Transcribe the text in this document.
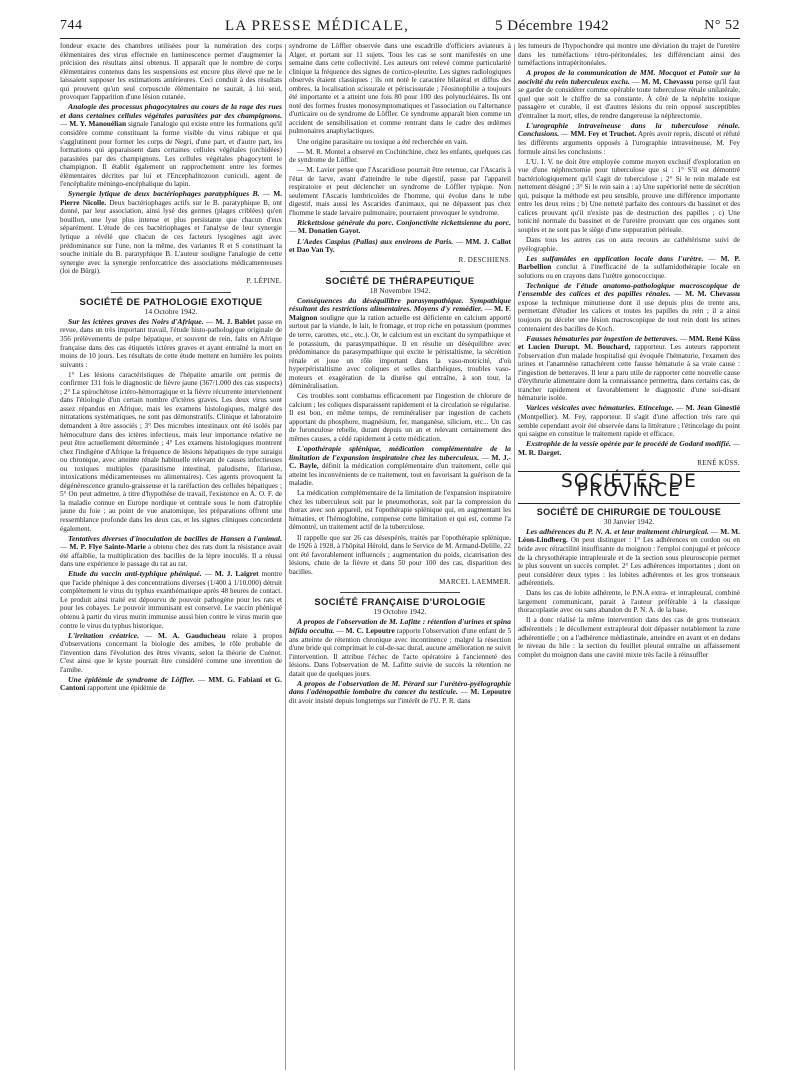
744	LA PRESSE MÉDICALE,	5 Décembre 1942	N° 52

fondeur exacte des chambres utilisées pour la numération des corps élémentaires des virus effectuée en luminescence permet d'augmenter la précision des résultats ainsi obtenus. Il apparaît que le nombre de corps élémentaires contenus dans les suspensions est encore plus élevé que ne le laissaient supposer les estimations antérieures. Ceci conduit à des résultats qui prouvent qu'un seul corpuscule élémentaire ne saurait, à lui seul, provoquer l'apparition d'une lésion cutanée.

Analogie des processus phagocytaires au cours de la rage des rues et dans certaines cellules végétales parasitées par des champignons. — M. Y. Manouélian signale l'analogie qui existe entre les formations qu'il considère comme constituant la forme visible du virus rabique et qui s'agglutinent pour former les corps de Negri, d'une part, et d'autre part, les formations qui apparaissent dans certaines cellules végétales (orchidées) parasitées par des champignons. Les cellules végétales phagocytent le champignon. Il établit également un rapprochement entre les formes élémentaires décrites par lui et l'Encephalitozoon cuniculi, agent de l'encéphalite méningo-encéphalique du lapin.

Synergie lytique de deux bactériophages paratyphiques B. — M. Pierre Nicolle. Deux bactériophages actifs sur le B. paratyphique B, ont donné, par leur association, ainsi lysé des germes (plages criblées) qu'en bouillon, une lyse plus intense et plus persistante que chacun d'eux séparément. L'étude de ces bactériophages et l'analyse de leur synergie lytique a révélé que chacun de ces facteurs lysogènes agit avec prédominance sur l'une, non la même, des variantes R et S constituant la souche initiale du B. paratyphique B. L'auteur souligne l'analogie de cette synergie avec la synergie renforcatrice des associations médicamenteuses (loi de Bürgi).

P. LÉPINE.

SOCIÉTÉ DE PATHOLOGIE EXOTIQUE

14 Octobre 1942.

Sur les ictères graves des Noirs d'Afrique. — M. J. Bablet passe en revue, dans un très important travail, l'étude histo-pathologique originale de 356 prélèvements de pulpe hépatique, et souvent de rein, faits en Afrique française dans des cas étiquetés ictères graves et ayant entraîné la mort en moins de 10 jours. Les résultats de cette étude mettent en lumière les points suivants :

1° Les lésions caractéristiques de l'hépatite amarile ont permis de confirmer 131 fois le diagnostic de fièvre jaune (367/1.000 des cas suspects) ; 2° La spirochétose ictéro-hémorragique et la fièvre récurrente interviennent dans l'étiologie d'un certain nombre d'ictères graves. Les deux virus sont assez répandus en Afrique, mais les examens histologiques, malgré des nitratations systématiques, ne sont pas démonstratifs. Clinique et laboratoire demandent à être associés ; 3° Des microbes intestinaux ont été isolés par hémoculture dans des ictères infectieux, mais leur importance relative ne peut être actuellement déterminée ; 4° Les examens histologiques montrent chez l'indigène d'Afrique la fréquence de lésions hépatiques de type suraigu ou chronique, avec atteinte rénale habituelle relevant de causes infectieuses ou toxiques multiples (parasitisme intestinal, paludisme, filariose, intoxications médicamenteuses ou alimentaires). Ces agents provoquent la dégénérescence granulo-graisseuse et la raréfaction des cellules hépatiques ; 5° On peut admettre, à titre d'hypothèse de travail, l'existence en A. O. F. de la maladie connue en Europe nordique et centrale sous le nom d'atrophie jaune du foie ; au point de vue anatomique, les préparations offrent une ressemblance profonde dans les deux cas, et les signes cliniques concordent également.

Tentatives diverses d'inoculation de bacilles de Hansen à l'animal. — M. P. Flye Sainte-Marie a obtenu chez des rats dont la résistance avait été affaiblie, la multiplication des bacilles de la lèpre inoculés. Il a réussi dans une expérience le passage du rat au rat.

Etude du vaccin anti-typhique phéniqué. — M. J. Laigret montre que l'acide phénique à des concentrations diverses (1/400 à 1/10.000) détruit complètement le virus du typhus exanthématique après 48 heures de contact. Le produit ainsi traité est dépourvu de pouvoir pathogène pour les rats et pour les cobayes. Le pouvoir immunisant est conservé. Le vaccin phéniqué obtenu à partir du virus murin immunise aussi bien contre le virus murin que contre le virus du typhus historique.

L'irritation créatrice. — M. A. Gauducheau relate à propos d'observations concernant la biologie des amibes, le rôle probable de l'invention dans l'évolution des êtres vivants, selon la théorie de Cuénot. C'est ainsi que le kyste pourrait être considéré comme une invention de l'amibe.

Une épidémie de syndrome de Löffler. — MM. G. Fabiani et G. Cantoni rapportent une épidémie de

syndrome de Löffler observée dans une escadrille d'officiers aviateurs à Alger, et portant sur 11 sujets. Tous les cas se sont manifestés en une semaine dans cette collectivité. Les auteurs ont relevé comme particularité clinique la fréquence des signes de cortico-pleurite. Les signes radiologiques observés étaient classiques ; ils ont noté le caractère bilatéral et diffus des ombres, la localisation scissurale et périscissurale ; l'éosinophilie a toujours été importante et a atteint une fois 80 pour 100 des polynucléaires. Ils ont noté des formes frustes monosymptomatiques et l'association ou l'alternance d'urticaire ou de syndrome de Löffler. Ce syndrome apparaît bien comme un accident de sensibilisation et comme rentrant dans le cadre des œdèmes pulmonaires anaphylactiques.

Une origine parasitaire ou toxique a été recherchée en vain.

— M. R. Montel a observé en Cochinchine, chez les enfants, quelques cas de syndrome de Löffler.

— M. Lavier pense que l'Ascaridiose pourrait être retenue, car l'Ascaris à l'état de larve, avant d'atteindre le tube digestif, passe par l'appareil respiratoire et peut déclencher un syndrome de Löffler typique. Non seulement l'Ascaris lumbricoïdes de l'homme, qui évolue dans le tube digestif, mais aussi les Ascarides d'animaux, qui ne dépassent pas chez l'homme le stade larvaire pulmonaire, pourraient provoquer le syndrome.

Rickettsiose générale du porc. Conjonctivite rickettsienne du porc. — M. Donatien Gayot.

L'Aedes Caspius (Pallas) aux environs de Paris. — MM. J. Callot et Dao Van Ty.

R. DESCHIENS.

SOCIÉTÉ DE THÉRAPEUTIQUE

18 Novembre 1942.

Conséquences du déséquilibre parasympathique. Sympathique résultant des restrictions alimentaires. Moyens d'y remédier. — M. F. Maignon souligne que la ration actuelle est déficiente en calcium apporté surtout par la viande, le lait, le fromage, et trop riche en potassium (pommes de terre, carottes, etc., etc.). Or, le calcium est un excitant du sympathique et le potassium, du parasympathique. Il en résulte un déséquilibre avec prédominance du parasympathique qui excite le péristaltisme, la sécrétion rénale et joue un rôle important dans la vaso-motricité, d'où hyperpéristaltisme avec coliques et selles diarrhéiques, troubles vaso-moteurs et exagération de la diurèse qui entraîne, à son tour, la déminéralisation.

Ces troubles sont combattus efficacement par l'ingestion de chlorure de calcium ; les coliques disparaissent rapidement et la circulation se régularise. Il est bon, en même temps, de reminéraliser par ingestion de cachets apportant du phosphore, magnésium, fer, manganèse, silicium, etc... Un cas de furonculose rebelle, durant depuis un an et relevant certainement des mêmes causes, a cédé rapidement à cette médication.

L'opothérapie splénique, médication complémentaire de la limitation de l'expansion inspiratoire chez les tuberculeux. — M. J.-C. Bayle, définit la médication complémentaire d'un traitement, celle qui atteint les inconvénients de ce traitement, tout en favorisant la guérison de la maladie.

La médication complémentaire de la limitation de l'expansion inspiratoire chez les tuberculeux soit par le pneumothorax, soit par la compression du thorax avec son appareil, est l'opothérapie splénique qui, en augmentant les hématies, et l'hémoglobine, compense cette limitation et qui est, comme l'a démontré, un traitement actif de la tuberculose.

Il rappelle que sur 26 cas désespérés, traités par l'opothérapie splénique, de 1926 à 1928, à l'hôpital Hérold, dans le Service de M. Armand-Delille, 22 ont été favorablement influencés ; augmentation du poids, cicatrisation des lésions, chute de la fièvre et dans 50 pour 100 des cas, disparition des bacilles.

MARCEL LAEMMER.

SOCIÉTÉ FRANÇAISE D'UROLOGIE

19 Octobre 1942.

A propos de l'observation de M. Lafitte : rétention d'urines et spina bifida occulta. — M. C. Lepoutre rapporte l'observation d'une enfant de 5 ans atteinte de rétention chronique avec incontinence ; malgré la résection d'une bride qui comprimait le cul-de-sac dural, aucune amélioration ne suivit l'intervention. Il attribue l'échec de l'acte opératoire à l'ancienneté des lésions. Dans l'observation de M. Lafitte suivie de succès la rétention ne datait que de quelques jours.

A propos de l'observation de M. Pérard sur l'urétéro-pyélographie dans l'adénopathie lombaire du cancer du testicule. — M. Lepoutre dit avoir insisté depuis longtemps sur l'intérêt de l'U. P. R. dans

les tumeurs de l'hypochondre qui montre une déviation du trajet de l'uretère dans les tuméfactions rétro-péritonéales, les différenciant ainsi des tuméfactions intrapéritonéales.

A propos de la communication de MM. Mocquot et Patoir sur la nocivité du rein tuberculeux exclu. — M. M. Chevassu pense qu'il faut se garder de considérer comme opérable toute tuberculose rénale unilatérale, quel que soit le chiffre de sa constante. À côté de la néphrite toxique passagère et curable, il est d'autres lésions du rein opposé susceptibles d'entraîner la mort, elles, de rendre dangereuse la néphrectomie.

L'urographie intraveineuse dans la tuberculose rénale. Conclusions. — MM. Fey et Truchot. Après avoir repris, discuté et réfuté les différents arguments opposés à l'urographie intraveineuse, M. Fey formule ainsi les conclusions :

L'U. I. V. ne doit être employée comme moyen exclusif d'exploration en vue d'une néphrectomie pour tuberculose que si : 1° S'il est démontré bactériologiquement qu'il s'agit de tuberculose ; 2° Si le rein malade est nettement désigné ; 3° Si le rein sain a : a) Une supériorité nette de sécrétion qui, puisque la méthode est peu sensible, prouve une différence importante entre les deux reins ; b) Une netteté parfaite des contours du bassinet et des calices prouvant qu'il n'existe pas de destruction des papilles ; c) Une tonicité normale du bassinet et de l'uretère prouvant que ces organes sont souples et ne sont pas le siège d'une suppuration périeale.

Dans tous les autres cas on aura recours au cathétérisme suivi de pyélographie.

Les sulfamides en application locale dans l'urètre. — M. P. Barbellion conclut à l'inefficacité de la sulfamidothérapie locale en solutions ou en crayons dans l'urètre gonococcique.

Technique de l'étude anatomo-pathologique macroscopique de l'ensemble des calices et des papilles rénales. — M. M. Chevassu expose la technique minutieuse dont il use depuis plus de trente ans, permettant d'étudier les calices et toutes les papilles du rein ; il a ainsi toujours pu déceler une lésion macroscopique de tout rein dont les urines contenaient des bacilles de Koch.

Fausses hématuries par ingestion de betteraves. — MM. René Küss et Lucien Durupt. M. Bouchard, rapporteur. Les auteurs rapportent l'observation d'un malade hospitalisé qui évoquée l'hématurie, l'examen des urines et l'anamnèse rattachèrent cette fausse hématurie à sa vraie cause : l'ingestion de betteraves. Il leur a paru utile de rapporter cette nouvelle cause d'érythrurie alimentaire dont la connaissance permettra, dans certains cas, de trancher rapidement et favorablement le diagnostic d'une soi-disant hématurie isolée.

Varices vésicales avec hématuries. Etincelage. — M. Jean Ginestié (Montpellier). M. Fey, rapporteur. Il s'agit d'une affection très rare qui semble cependant avoir été observée dans la littérature ; l'étincelage du point qui saigne en constitue le traitement rapide et efficace.

Exstrophie de la vessie opérée par le procédé de Godard modifié. — M. R. Darget.

RENÉ KÜSS.

SOCIÉTÉS DE PROVINCE

SOCIÉTÉ DE CHIRURGIE DE TOULOUSE

30 Janvier 1942.

Les adhérences du P. N. A. et leur traitement chirurgical. — M. M. Léon-Lindberg. On peut distinguer : 1° Les adhérences en cordon ou en bride avec rétractilité insuffisante du moignon : l'emploi conjugué et précoce de la chrysothérapie intrapleurale et de la section sous pleuroscopie permet le plus souvent un succès complet. 2° Les adhérences importantes ; dont on peut considérer deux types : les lobites adhérentes et les gros tronseaux adhérentiels.

Dans les cas de lobite adhérente, le P.N.A extra- et intrapleural, combiné largement communicant, parait à l'auteur préférable à la classique thoracoplastie avec ou sans abandon du P. N. A. de la base.

Il a donc réalisé la même intervention dans des cas de gros tronseaux adhérentiels ; le décollement extrapleural doit dépasser notablement la zone adhérentielle ; on a l'adhérence médiastinale, atteindre en avant et en dedans le niveau du hile : la section du feuillet pleural entraîne un affaissement complet du moignon dans une cavité mixte très facile à réinsuffler
